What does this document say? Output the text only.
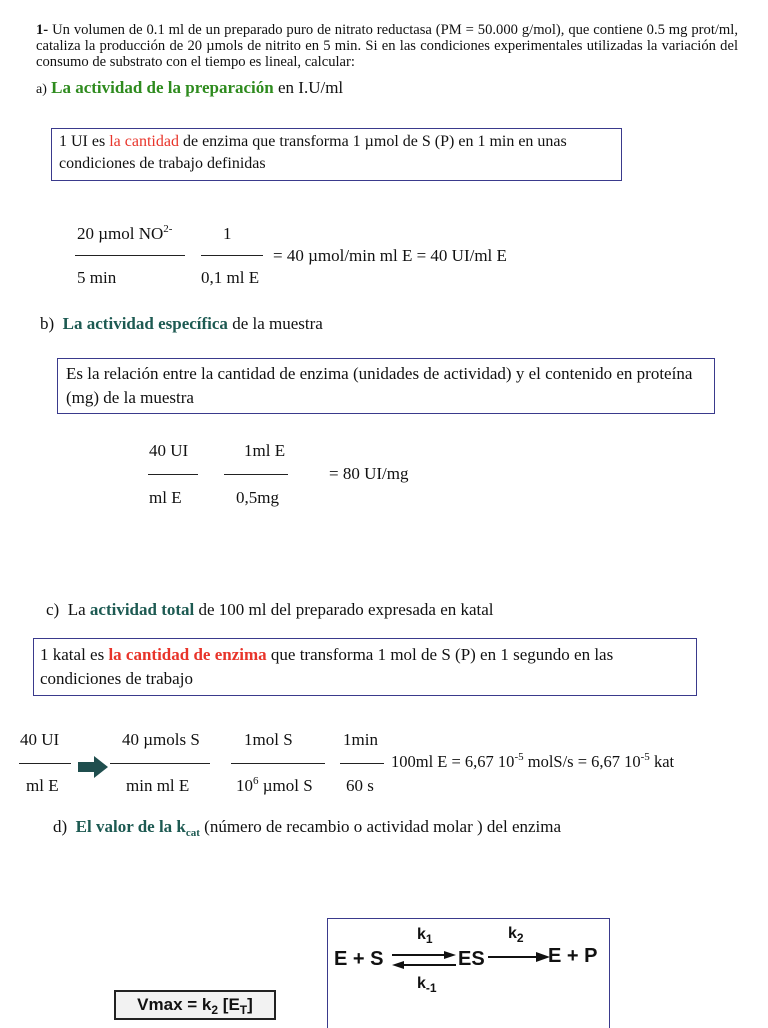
1- Un volumen de 0.1 ml de un preparado puro de nitrato reductasa (PM = 50.000 g/mol), que contiene 0.5 mg prot/ml, cataliza la producción de 20 µmols de nitrito en 5 min. Si en las condiciones experimentales utilizadas la variación del consumo de substrato con el tiempo es lineal, calcular:
a) La actividad de la preparación en I.U/ml
1 UI es la cantidad de enzima que transforma 1 µmol de S (P) en 1 min en unas condiciones de trabajo definidas
20 µmol $NO^{2-}$
5 min
1
0,1 ml E
= 40 µmol/min ml E = 40 UI/ml E
b) La actividad específica de la muestra
Es la relación entre la cantidad de enzima (unidades de actividad) y el contenido en proteína (mg) de la muestra
40 UI
ml E
1ml E
0,5mg
= 80 UI/mg
c) La actividad total de 100 ml del preparado expresada en katal
1 katal es la cantidad de enzima que transforma 1 mol de S (P) en 1 segundo en las condiciones de trabajo
40 UI
ml E
40 µmols S
min ml E
1mol S
$10^6$ µmol S
1min
60 s
100ml E = 6,67 $10^{-5}$ molS/s = 6,67 $10^{-5}$ kat
d) El valor de la $k_{cat}$ (número de recambio o actividad molar ) del enzima
E + S
$k_1$
$k_{-1}$
ES
$k_2$
E + P
$Vmax = k_2$ $[E_T]$
